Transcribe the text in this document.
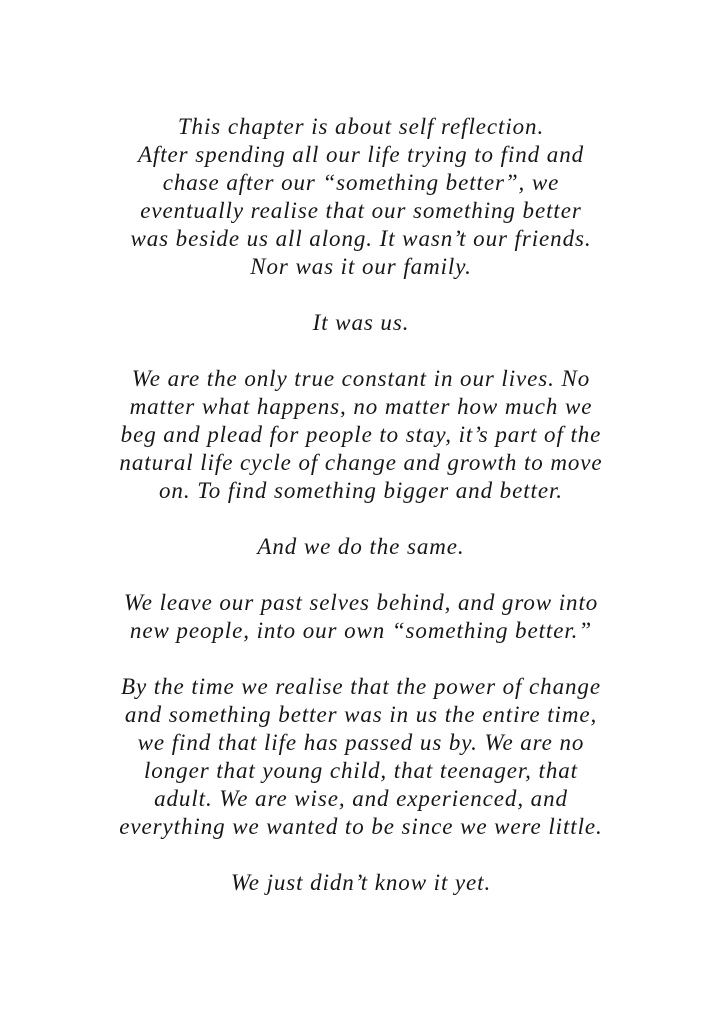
This chapter is about self reflection.
After spending all our life trying to find and
chase after our “something better”, we
eventually realise that our something better
was beside us all along. It wasn’t our friends.
Nor was it our family.

It was us.

We are the only true constant in our lives. No
matter what happens, no matter how much we
beg and plead for people to stay, it’s part of the
natural life cycle of change and growth to move
on. To find something bigger and better.

And we do the same.

We leave our past selves behind, and grow into
new people, into our own “something better.”

By the time we realise that the power of change
and something better was in us the entire time,
we find that life has passed us by. We are no
longer that young child, that teenager, that
adult. We are wise, and experienced, and
everything we wanted to be since we were little.

We just didn’t know it yet.
